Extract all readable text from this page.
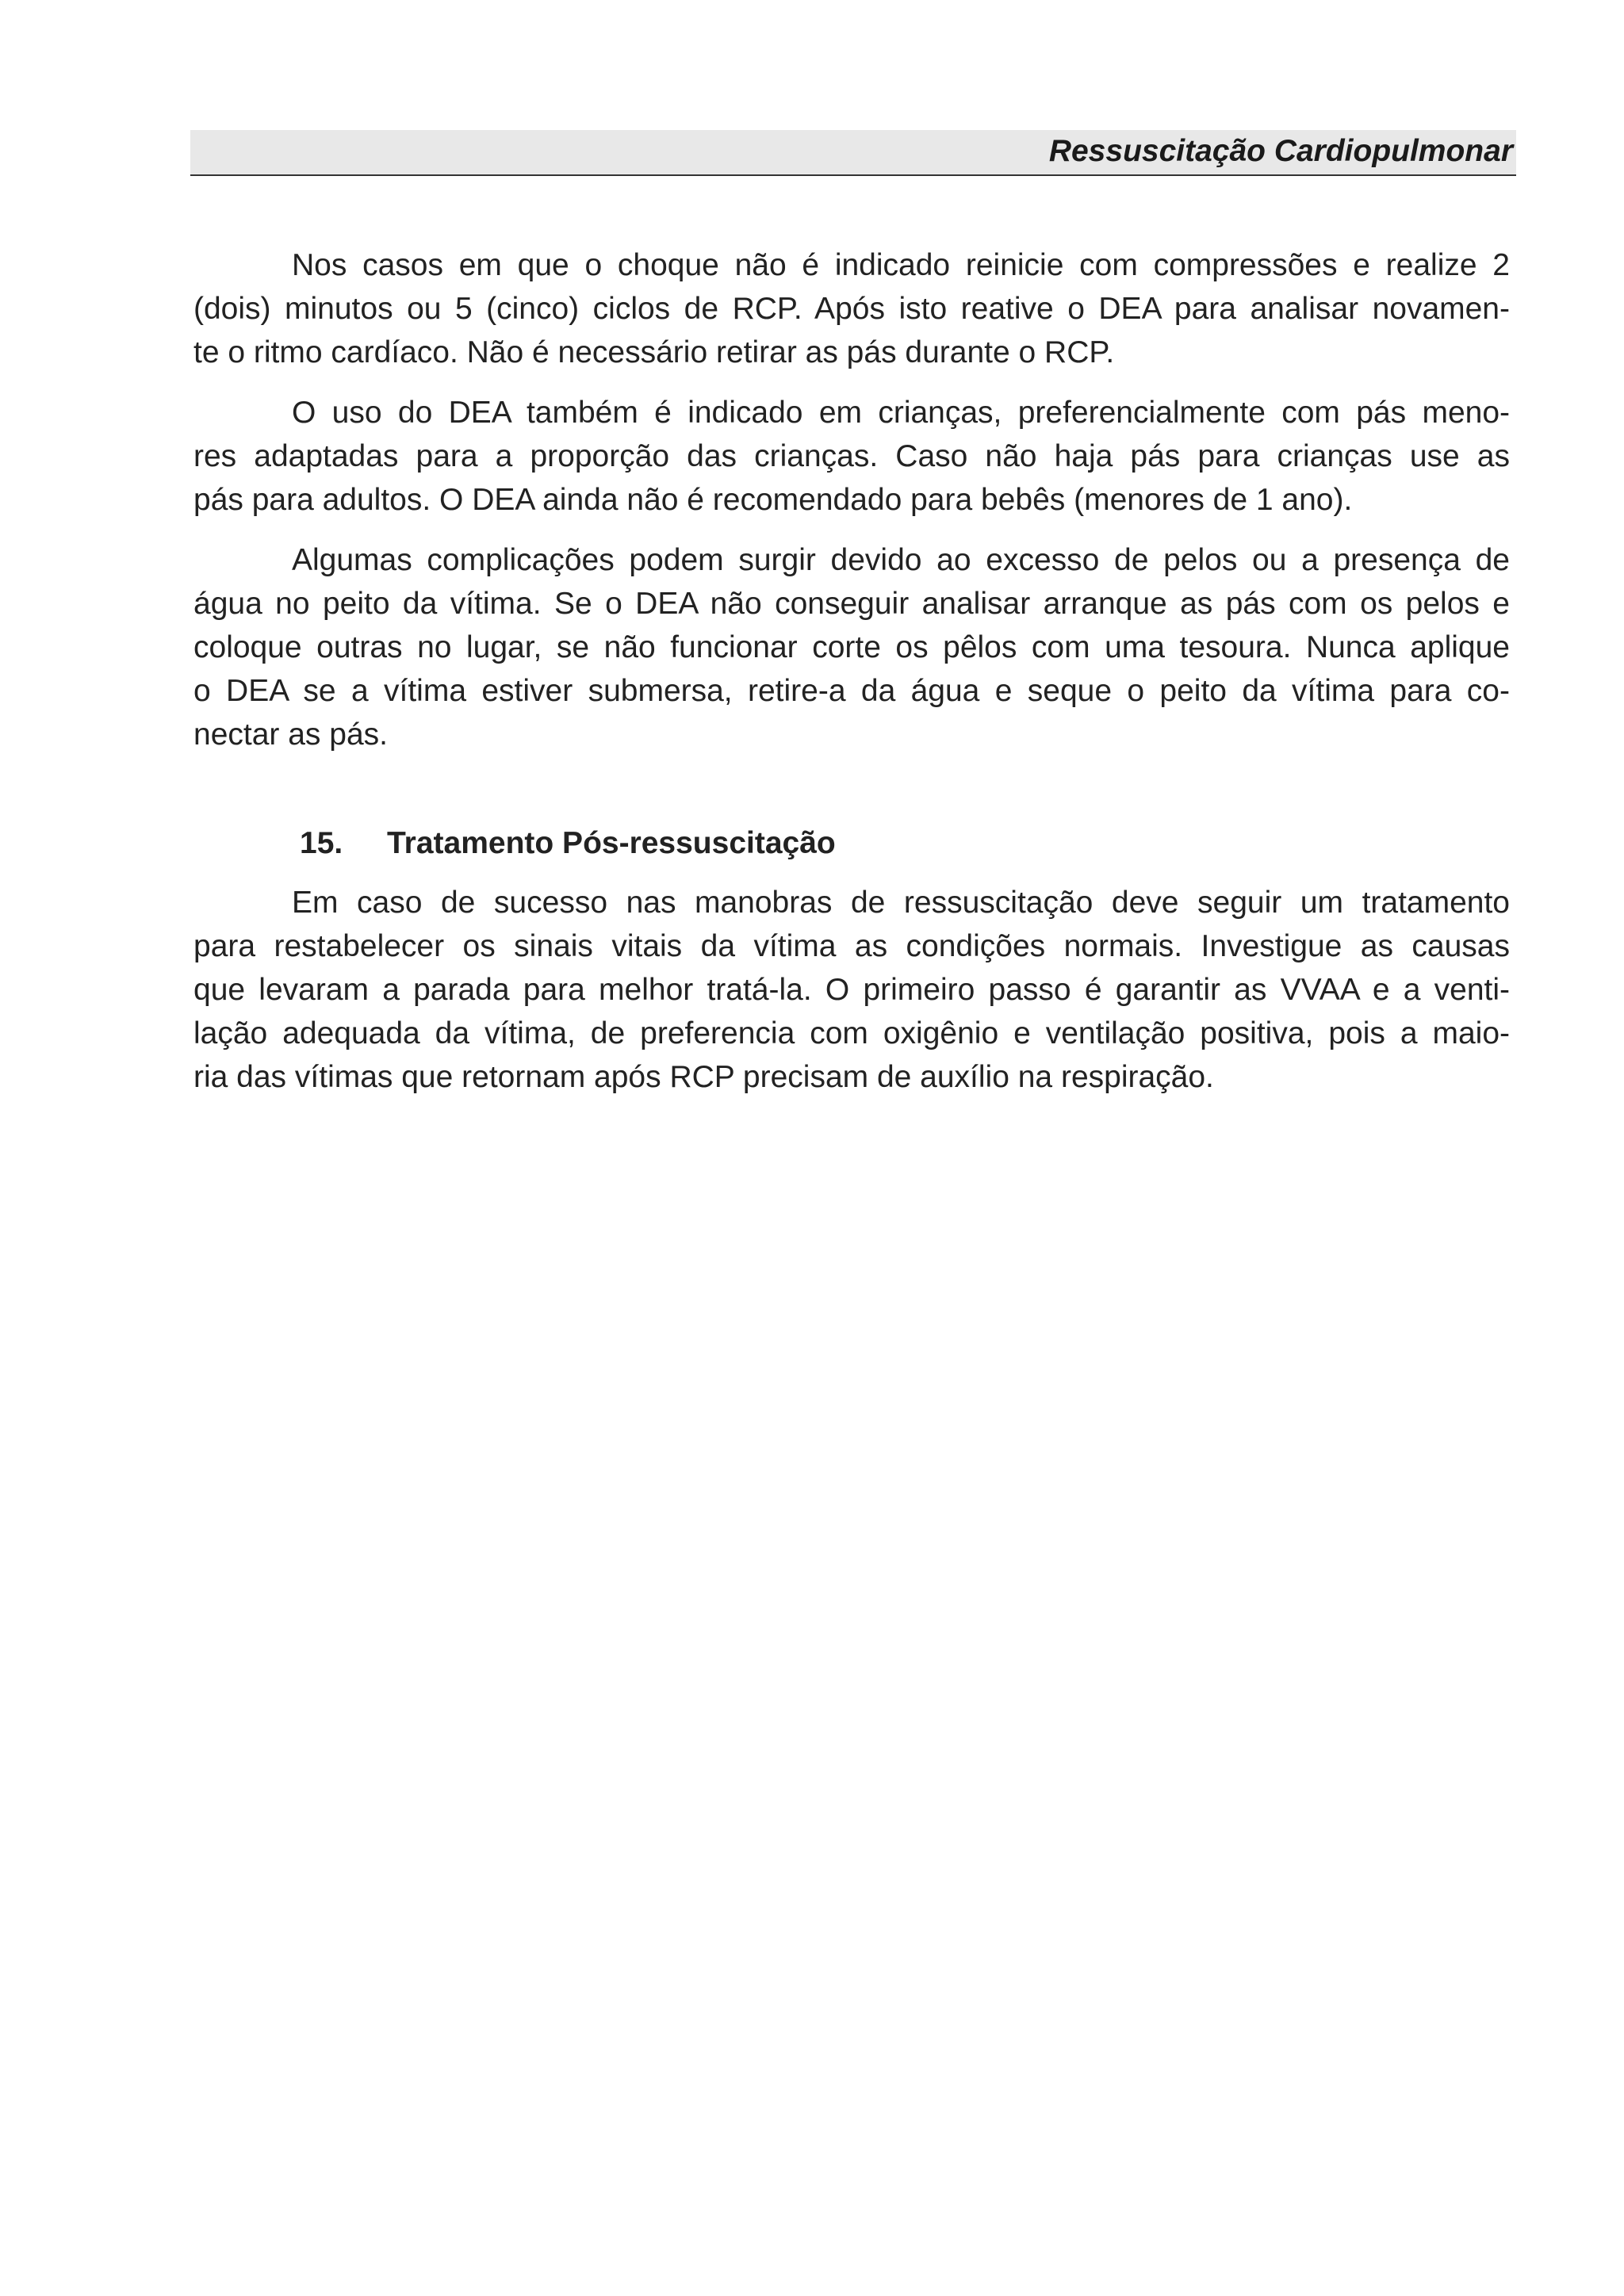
Ressuscitação Cardiopulmonar

Nos casos em que o choque não é indicado reinicie com compressões e realize 2
(dois) minutos ou 5 (cinco) ciclos de RCP. Após isto reative o DEA para analisar novamen-
te o ritmo cardíaco. Não é necessário retirar as pás durante o RCP.

O uso do DEA também é indicado em crianças, preferencialmente com pás meno-
res adaptadas para a proporção das crianças. Caso não haja pás para crianças use as
pás para adultos. O DEA ainda não é recomendado para bebês (menores de 1 ano).

Algumas complicações podem surgir devido ao excesso de pelos ou a presença de
água no peito da vítima. Se o DEA não conseguir analisar arranque as pás com os pelos e
coloque outras no lugar, se não funcionar corte os pêlos com uma tesoura. Nunca aplique
o DEA se a vítima estiver submersa, retire-a da água e seque o peito da vítima para co-
nectar as pás.

15. Tratamento Pós-ressuscitação

Em caso de sucesso nas manobras de ressuscitação deve seguir um tratamento
para restabelecer os sinais vitais da vítima as condições normais. Investigue as causas
que levaram a parada para melhor tratá-la. O primeiro passo é garantir as VVAA e a venti-
lação adequada da vítima, de preferencia com oxigênio e ventilação positiva, pois a maio-
ria das vítimas que retornam após RCP precisam de auxílio na respiração.
